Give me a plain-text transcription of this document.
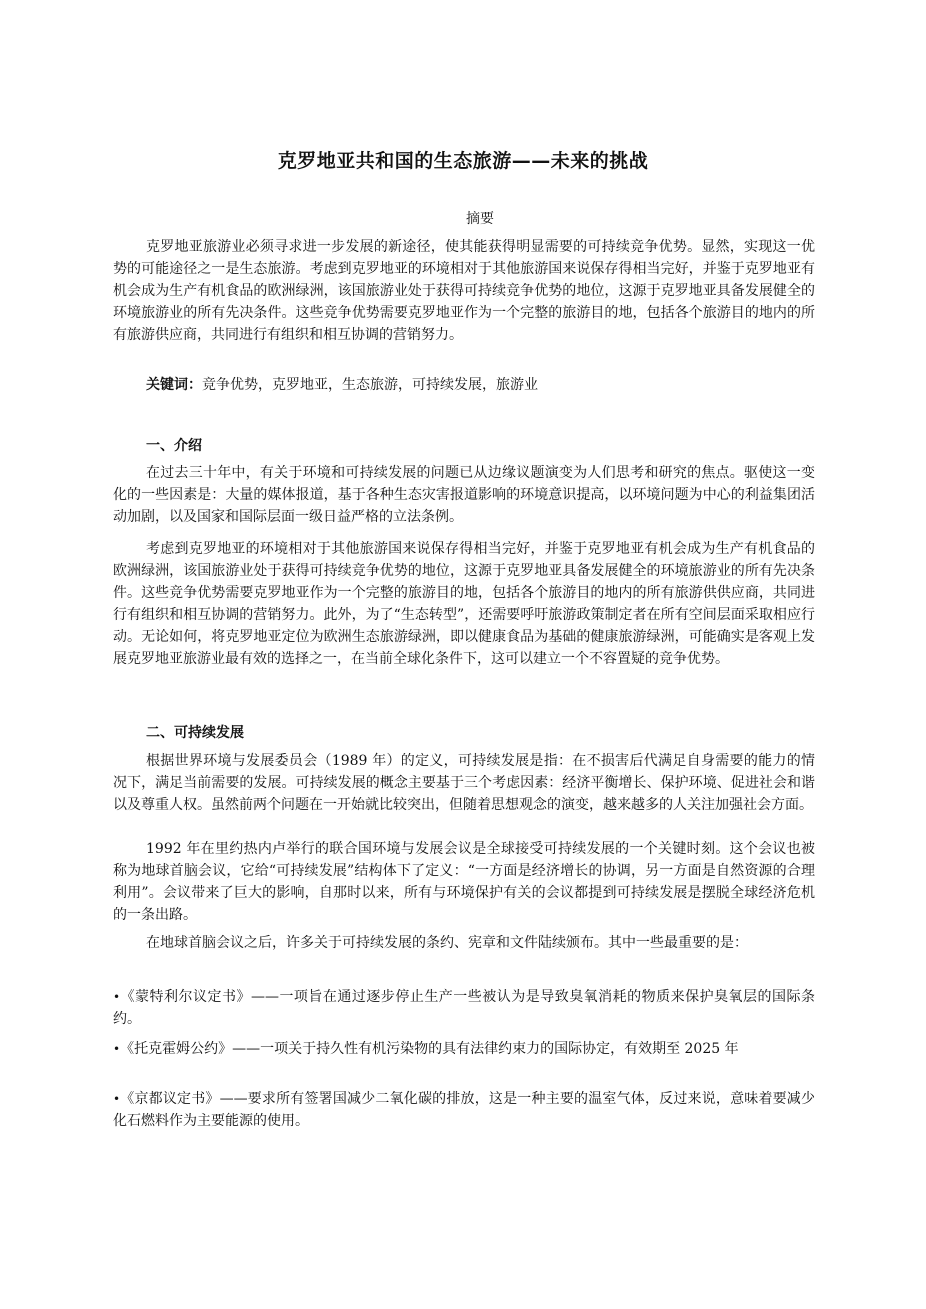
克罗地亚共和国的生态旅游——未来的挑战
摘要
克罗地亚旅游业必须寻求进一步发展的新途径，使其能获得明显需要的可持续竞争优势。显然，实现这一优势的可能途径之一是生态旅游。考虑到克罗地亚的环境相对于其他旅游国来说保存得相当完好，并鉴于克罗地亚有机会成为生产有机食品的欧洲绿洲，该国旅游业处于获得可持续竞争优势的地位，这源于克罗地亚具备发展健全的环境旅游业的所有先决条件。这些竞争优势需要克罗地亚作为一个完整的旅游目的地，包括各个旅游目的地内的所有旅游供应商，共同进行有组织和相互协调的营销努力。
关键词：竞争优势，克罗地亚，生态旅游，可持续发展，旅游业
一、介绍
在过去三十年中，有关于环境和可持续发展的问题已从边缘议题演变为人们思考和研究的焦点。驱使这一变化的一些因素是：大量的媒体报道，基于各种生态灾害报道影响的环境意识提高，以环境问题为中心的利益集团活动加剧，以及国家和国际层面一级日益严格的立法条例。
考虑到克罗地亚的环境相对于其他旅游国来说保存得相当完好，并鉴于克罗地亚有机会成为生产有机食品的欧洲绿洲，该国旅游业处于获得可持续竞争优势的地位，这源于克罗地亚具备发展健全的环境旅游业的所有先决条件。这些竞争优势需要克罗地亚作为一个完整的旅游目的地，包括各个旅游目的地内的所有旅游供供应商，共同进行有组织和相互协调的营销努力。此外，为了“生态转型”，还需要呼吁旅游政策制定者在所有空间层面采取相应行动。无论如何，将克罗地亚定位为欧洲生态旅游绿洲，即以健康食品为基础的健康旅游绿洲，可能确实是客观上发展克罗地亚旅游业最有效的选择之一，在当前全球化条件下，这可以建立一个不容置疑的竞争优势。
二、可持续发展
根据世界环境与发展委员会（1989 年）的定义，可持续发展是指：在不损害后代满足自身需要的能力的情况下，满足当前需要的发展。可持续发展的概念主要基于三个考虑因素：经济平衡增长、保护环境、促进社会和谐以及尊重人权。虽然前两个问题在一开始就比较突出，但随着思想观念的演变，越来越多的人关注加强社会方面。
1992 年在里约热内卢举行的联合国环境与发展会议是全球接受可持续发展的一个关键时刻。这个会议也被称为地球首脑会议，它给“可持续发展”结构体下了定义：“一方面是经济增长的协调，另一方面是自然资源的合理利用”。会议带来了巨大的影响，自那时以来，所有与环境保护有关的会议都提到可持续发展是摆脱全球经济危机的一条出路。
在地球首脑会议之后，许多关于可持续发展的条约、宪章和文件陆续颁布。其中一些最重要的是：
•《蒙特利尔议定书》——一项旨在通过逐步停止生产一些被认为是导致臭氧消耗的物质来保护臭氧层的国际条约。
•《托克霍姆公约》——一项关于持久性有机污染物的具有法律约束力的国际协定，有效期至 2025 年
•《京都议定书》——要求所有签署国减少二氧化碳的排放，这是一种主要的温室气体，反过来说，意味着要减少化石燃料作为主要能源的使用。
